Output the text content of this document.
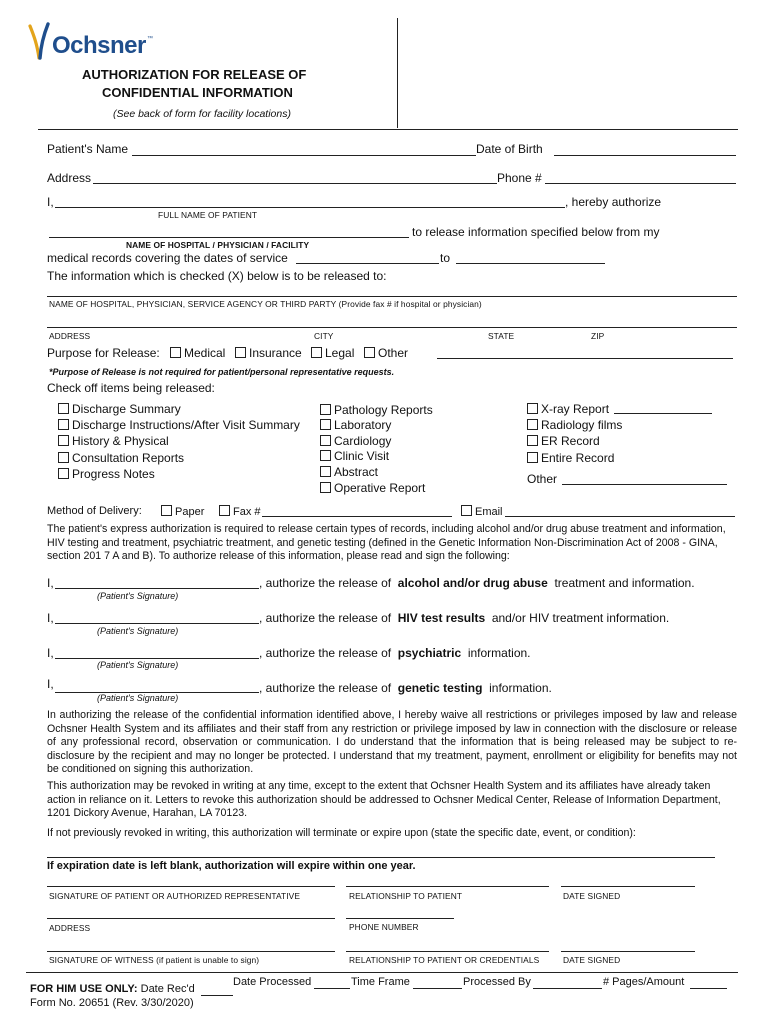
Ochsner ™
AUTHORIZATION FOR RELEASE OF
CONFIDENTIAL INFORMATION
(See back of form for facility locations)
Patient's Name	Date of Birth
Address	Phone #
I,	, hereby authorize
FULL NAME OF PATIENT
to release information specified below from my
NAME OF HOSPITAL / PHYSICIAN / FACILITY
medical records covering the dates of service	to
The information which is checked (X) below is to be released to:
NAME OF HOSPITAL, PHYSICIAN, SERVICE AGENCY OR THIRD PARTY (Provide fax # if hospital or physician)
ADDRESS	CITY	STATE	ZIP
Purpose for Release:	Medical	Insurance	Legal	Other
*Purpose of Release is not required for patient/personal representative requests.
Check off items being released:
Discharge Summary
Discharge Instructions/After Visit Summary
History & Physical
Consultation Reports
Progress Notes
Pathology Reports
Laboratory
Cardiology
Clinic Visit
Abstract
Operative Report
X-ray Report
Radiology films
ER Record
Entire Record
Other
Method of Delivery:	Paper	Fax #	Email
The patient's express authorization is required to release certain types of records, including alcohol and/or drug abuse treatment and information, HIV testing and treatment, psychiatric treatment, and genetic testing (defined in the Genetic Information Non-Discrimination Act of 2008 - GINA, section 201 7 A and B). To authorize release of this information, please read and sign the following:
I,	, authorize the release of alcohol and/or drug abuse treatment and information.
(Patient's Signature)
I,	, authorize the release of HIV test results and/or HIV treatment information.
(Patient's Signature)
I,	, authorize the release of psychiatric information.
(Patient's Signature)
I,	, authorize the release of genetic testing information.
(Patient's Signature)
In authorizing the release of the confidential information identified above, I hereby waive all restrictions or privileges imposed by law and release Ochsner Health System and its affiliates and their staff from any restriction or privilege imposed by law in connection with the disclosure or release of any professional record, observation or communication. I do understand that the information that is being released may be subject to re-disclosure by the recipient and may no longer be protected. I understand that my treatment, payment, enrollment or eligibility for benefits may not be conditioned on signing this authorization.
This authorization may be revoked in writing at any time, except to the extent that Ochsner Health System and its affiliates have already taken action in reliance on it. Letters to revoke this authorization should be addressed to Ochsner Medical Center, Release of Information Department, 1201 Dickory Avenue, Harahan, LA 70123.
If not previously revoked in writing, this authorization will terminate or expire upon (state the specific date, event, or condition):
If expiration date is left blank, authorization will expire within one year.
SIGNATURE OF PATIENT OR AUTHORIZED REPRESENTATIVE	RELATIONSHIP TO PATIENT	DATE SIGNED
ADDRESS	PHONE NUMBER
SIGNATURE OF WITNESS (if patient is unable to sign)	RELATIONSHIP TO PATIENT OR CREDENTIALS	DATE SIGNED
FOR HIM USE ONLY: Date Rec'd
Date Processed	Time Frame	Processed By	# Pages/Amount
Form No. 20651 (Rev. 3/30/2020)
